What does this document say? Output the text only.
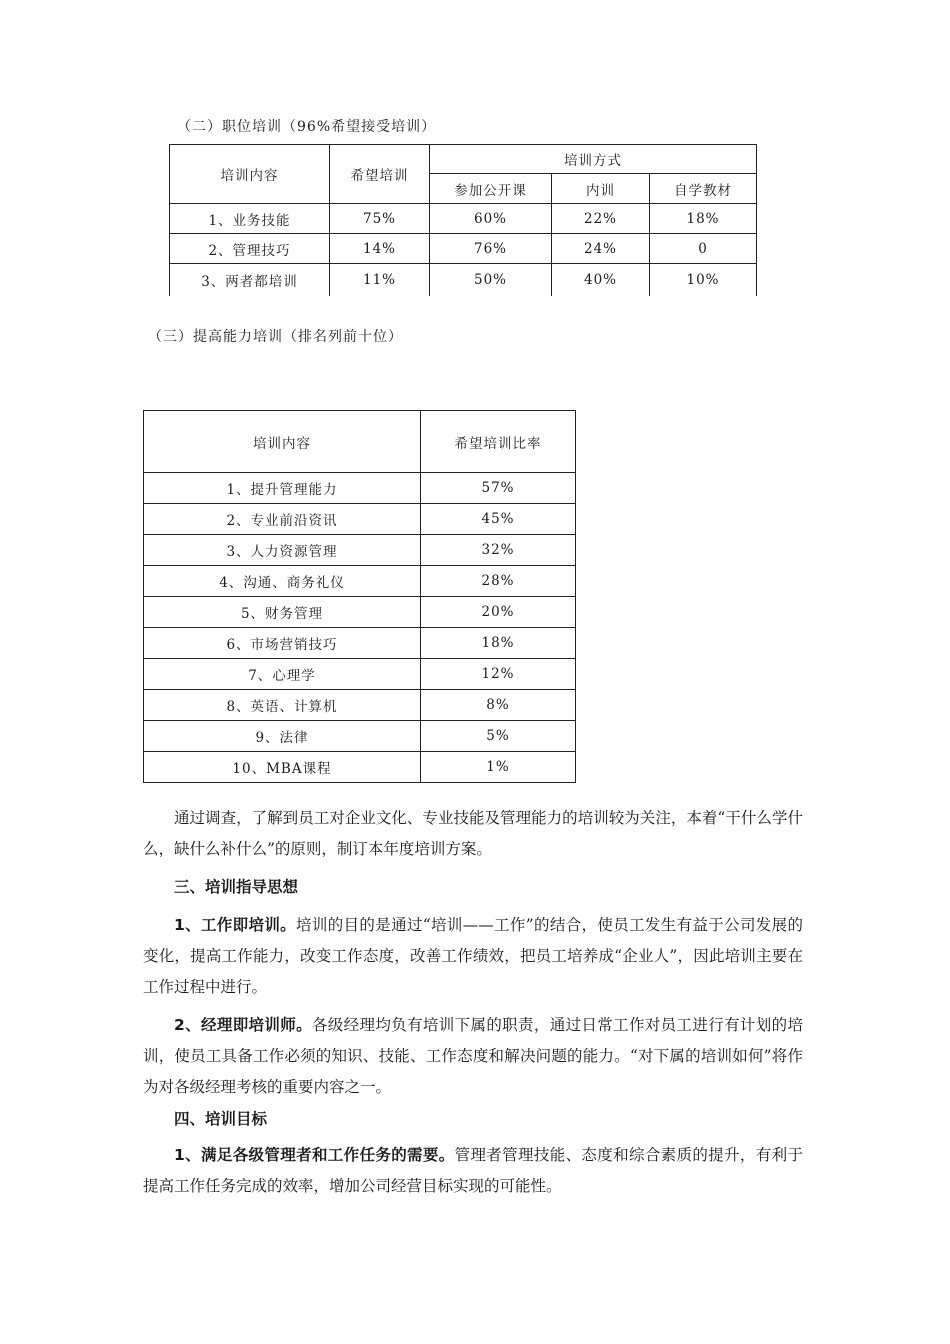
（二）职位培训（96%希望接受培训）
培训内容	希望培训	培训方式		
		参加公开课	内训	自学教材
1、业务技能	75%	60%	22%	18%
2、管理技巧	14%	76%	24%	0
3、两者都培训	11%	50%	40%	10%
（三）提高能力培训（排名列前十位）
培训内容	希望培训比率
1、提升管理能力	57%
2、专业前沿资讯	45%
3、人力资源管理	32%
4、沟通、商务礼仪	28%
5、财务管理	20%
6、市场营销技巧	18%
7、心理学	12%
8、英语、计算机	8%
9、法律	5%
10、MBA课程	1%

通过调查，了解到员工对企业文化、专业技能及管理能力的培训较为关注，本着“干什么学什么，缺什么补什么”的原则，制订本年度培训方案。

三、培训指导思想

1、工作即培训。培训的目的是通过“培训——工作”的结合，使员工发生有益于公司发展的变化，提高工作能力，改变工作态度，改善工作绩效，把员工培养成“企业人”，因此培训主要在工作过程中进行。

2、经理即培训师。各级经理均负有培训下属的职责，通过日常工作对员工进行有计划的培训，使员工具备工作必须的知识、技能、工作态度和解决问题的能力。“对下属的培训如何”将作为对各级经理考核的重要内容之一。

四、培训目标

1、满足各级管理者和工作任务的需要。管理者管理技能、态度和综合素质的提升，有利于提高工作任务完成的效率，增加公司经营目标实现的可能性。
